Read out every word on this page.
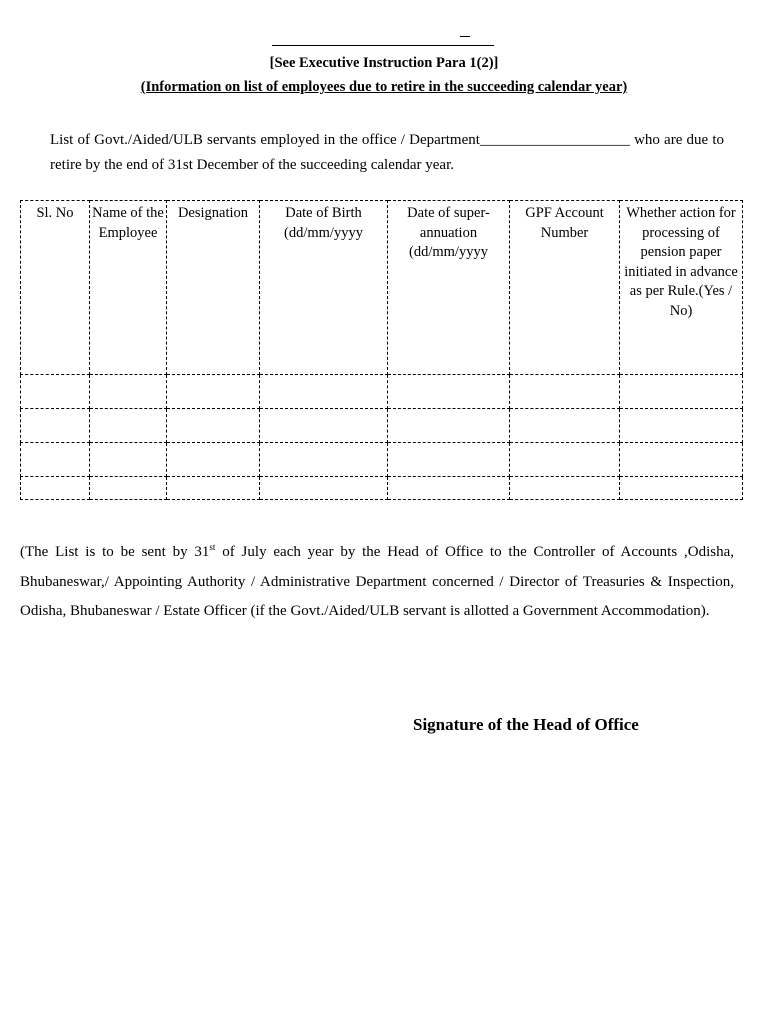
[See Executive Instruction Para 1(2)]
(Information on list of employees due to retire in the succeeding calendar year)
List of Govt./Aided/ULB servants employed in the office / Department____________________ who are due to retire by the end of 31st December of the succeeding calendar year.
Sl. No	Name of the Employee	Designation	Date of Birth (dd/mm/yyyy	Date of super-annuation (dd/mm/yyyy	GPF Account Number	Whether action for processing of pension paper initiated in advance as per Rule.(Yes / No)

(The List is to be sent by 31st of July each year by the Head of Office to the Controller of Accounts ,Odisha, Bhubaneswar,/ Appointing Authority / Administrative Department concerned / Director of Treasuries & Inspection, Odisha, Bhubaneswar / Estate Officer (if the Govt./Aided/ULB servant is allotted a Government Accommodation).
Signature of the Head of Office
